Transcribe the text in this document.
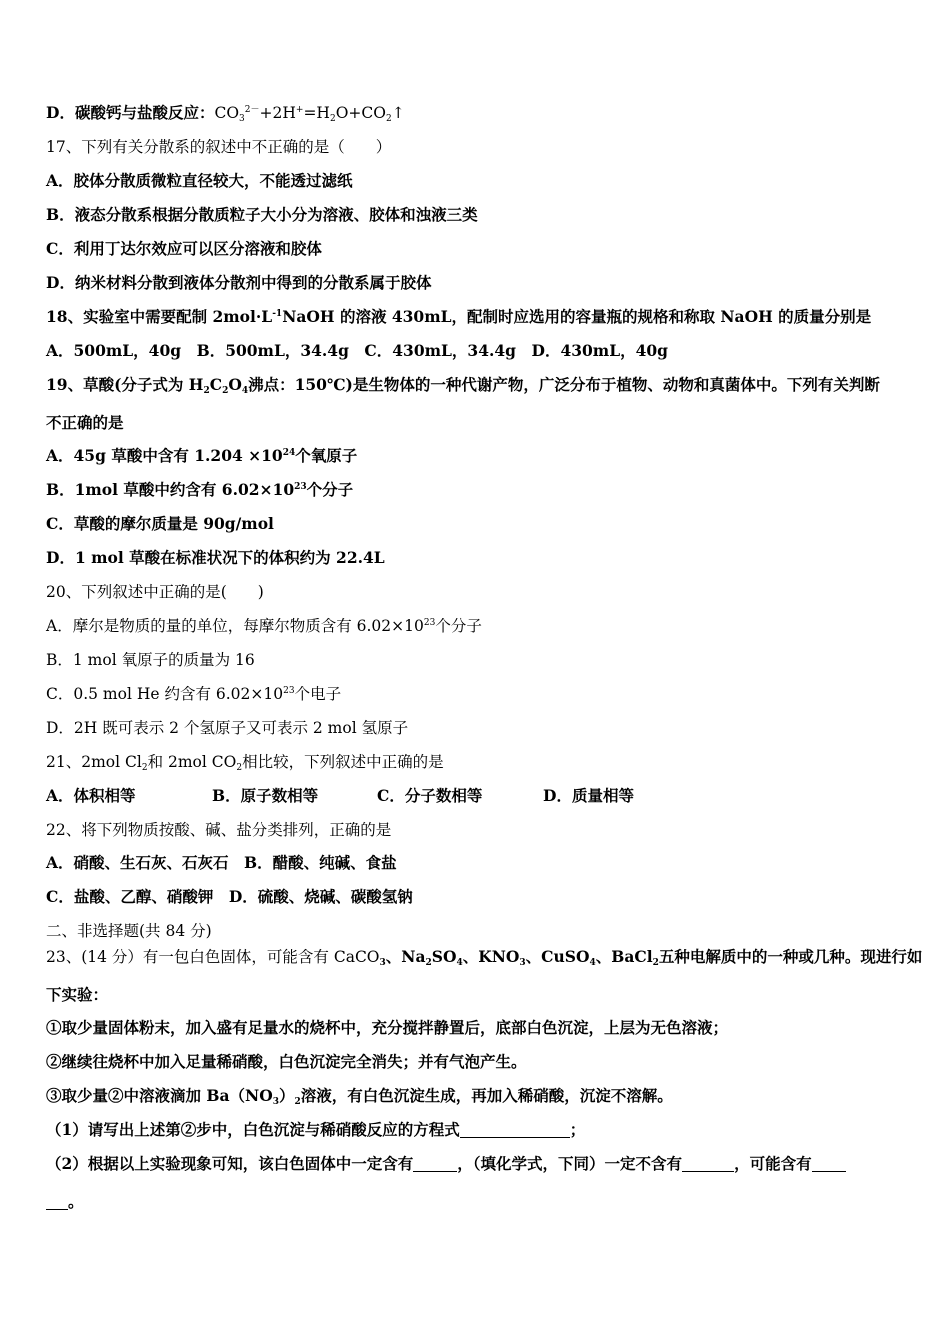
D．碳酸钙与盐酸反应：$CO_3^{2-}+2H^+=H_2O+CO_2↑$
17、下列有关分散系的叙述中不正确的是（　　）
A．胶体分散质微粒直径较大，不能透过滤纸
B．液态分散系根据分散质粒子大小分为溶液、胶体和浊液三类
C．利用丁达尔效应可以区分溶液和胶体
D．纳米材料分散到液体分散剂中得到的分散系属于胶体
18、实验室中需要配制 $2mol\cdot L^{-1}NaOH$ 的溶液 430mL，配制时应选用的容量瓶的规格和称取 NaOH 的质量分别是
A．500mL，40g　B．500mL，34.4g　C．430mL，34.4g　D．430mL，40g
19、草酸(分子式为 $H_2C_2O_4$沸点：150℃)是生物体的一种代谢产物，广泛分布于植物、动物和真菌体中。下列有关判断
不正确的是
A．45g 草酸中含有 $1.204 \times 10^{24}$个氧原子
B．1mol 草酸中约含有 $6.02\times 10^{23}$个分子
C．草酸的摩尔质量是 90g/mol
D．1 mol 草酸在标准状况下的体积约为 22.4L
20、下列叙述中正确的是(　　)
A．摩尔是物质的量的单位，每摩尔物质含有 $6.02\times 10^{23}$个分子
B．1 mol 氧原子的质量为 16
C．0.5 mol He 约含有 $6.02\times 10^{23}$个电子
D．2H 既可表示 2 个氢原子又可表示 2 mol 氢原子
21、2mol $Cl_2$和 2mol $CO_2$相比较，下列叙述中正确的是
A．体积相等	B．原子数相等	C．分子数相等	D．质量相等
22、将下列物质按酸、碱、盐分类排列，正确的是
A．硝酸、生石灰、石灰石　B．醋酸、纯碱、食盐
C．盐酸、乙醇、硝酸钾　D．硫酸、烧碱、碳酸氢钠
二、非选择题(共 84 分)
23、(14 分）有一包白色固体，可能含有 CaCO$_3$、$Na_2SO_4$、$KNO_3$、CuSO$_4$、BaCl$_2$五种电解质中的一种或几种。现进行如
下实验：
①取少量固体粉末，加入盛有足量水的烧杯中，充分搅拌静置后，底部白色沉淀，上层为无色溶液；
②继续往烧杯中加入足量稀硝酸，白色沉淀完全消失；并有气泡产生。
③取少量②中溶液滴加 $Ba(NO_3)_2$溶液，有白色沉淀生成，再加入稀硝酸，沉淀不溶解。
（1）请写出上述第②步中，白色沉淀与稀硝酸反应的方程式	；
（2）根据以上实验现象可知，该白色固体中一定含有	，（填化学式，下同）一定不含有	，可能含有
。
